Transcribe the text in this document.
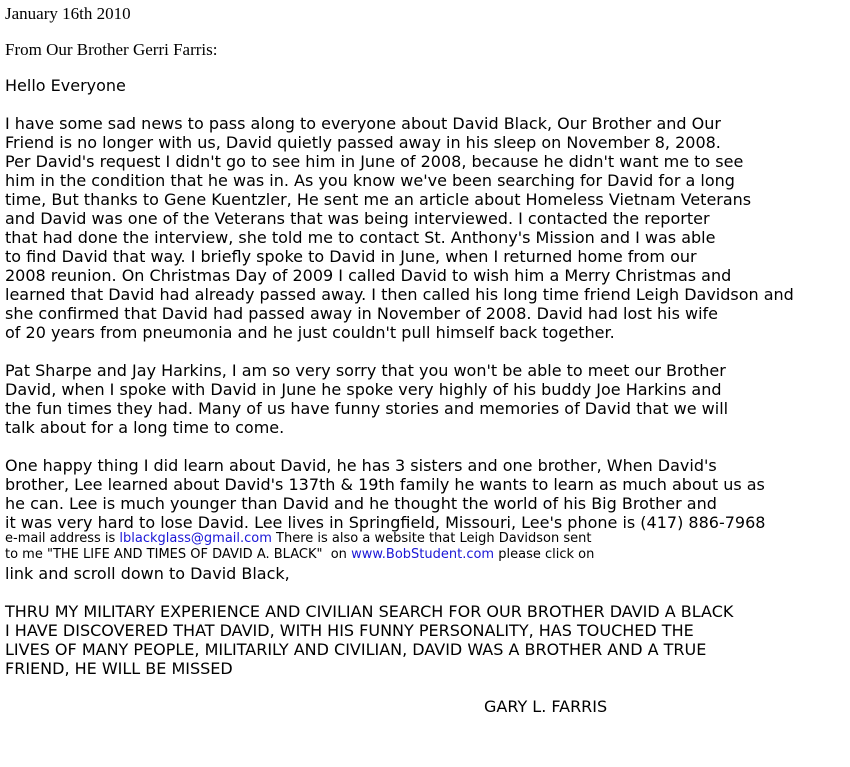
January 16th 2010
From Our Brother Gerri Farris:
Hello Everyone
I have some sad news to pass along to everyone about David Black, Our Brother and Our
Friend is no longer with us, David quietly passed away in his sleep on November 8, 2008.
Per David's request I didn't go to see him in June of 2008, because he didn't want me to see
him in the condition that he was in. As you know we've been searching for David for a long
time, But thanks to Gene Kuentzler, He sent me an article about Homeless Vietnam Veterans
and David was one of the Veterans that was being interviewed. I contacted the reporter
that had done the interview, she told me to contact St. Anthony's Mission and I was able
to find David that way. I briefly spoke to David in June, when I returned home from our
2008 reunion. On Christmas Day of 2009 I called David to wish him a Merry Christmas and
learned that David had already passed away. I then called his long time friend Leigh Davidson and
she confirmed that David had passed away in November of 2008. David had lost his wife
of 20 years from pneumonia and he just couldn't pull himself back together.
Pat Sharpe and Jay Harkins, I am so very sorry that you won't be able to meet our Brother
David, when I spoke with David in June he spoke very highly of his buddy Joe Harkins and
the fun times they had. Many of us have funny stories and memories of David that we will
talk about for a long time to come.
One happy thing I did learn about David, he has 3 sisters and one brother, When David's
brother, Lee learned about David's 137th & 19th family he wants to learn as much about us as
he can. Lee is much younger than David and he thought the world of his Big Brother and
it was very hard to lose David. Lee lives in Springfield, Missouri, Lee's phone is (417) 886-7968
e-mail address is lblackglass@gmail.com There is also a website that Leigh Davidson sent
to me "THE LIFE AND TIMES OF DAVID A. BLACK"  on www.BobStudent.com please click on
link and scroll down to David Black,
THRU MY MILITARY EXPERIENCE AND CIVILIAN SEARCH FOR OUR BROTHER DAVID A BLACK
I HAVE DISCOVERED THAT DAVID, WITH HIS FUNNY PERSONALITY, HAS TOUCHED THE
LIVES OF MANY PEOPLE, MILITARILY AND CIVILIAN, DAVID WAS A BROTHER AND A TRUE
FRIEND, HE WILL BE MISSED
GARY L. FARRIS
